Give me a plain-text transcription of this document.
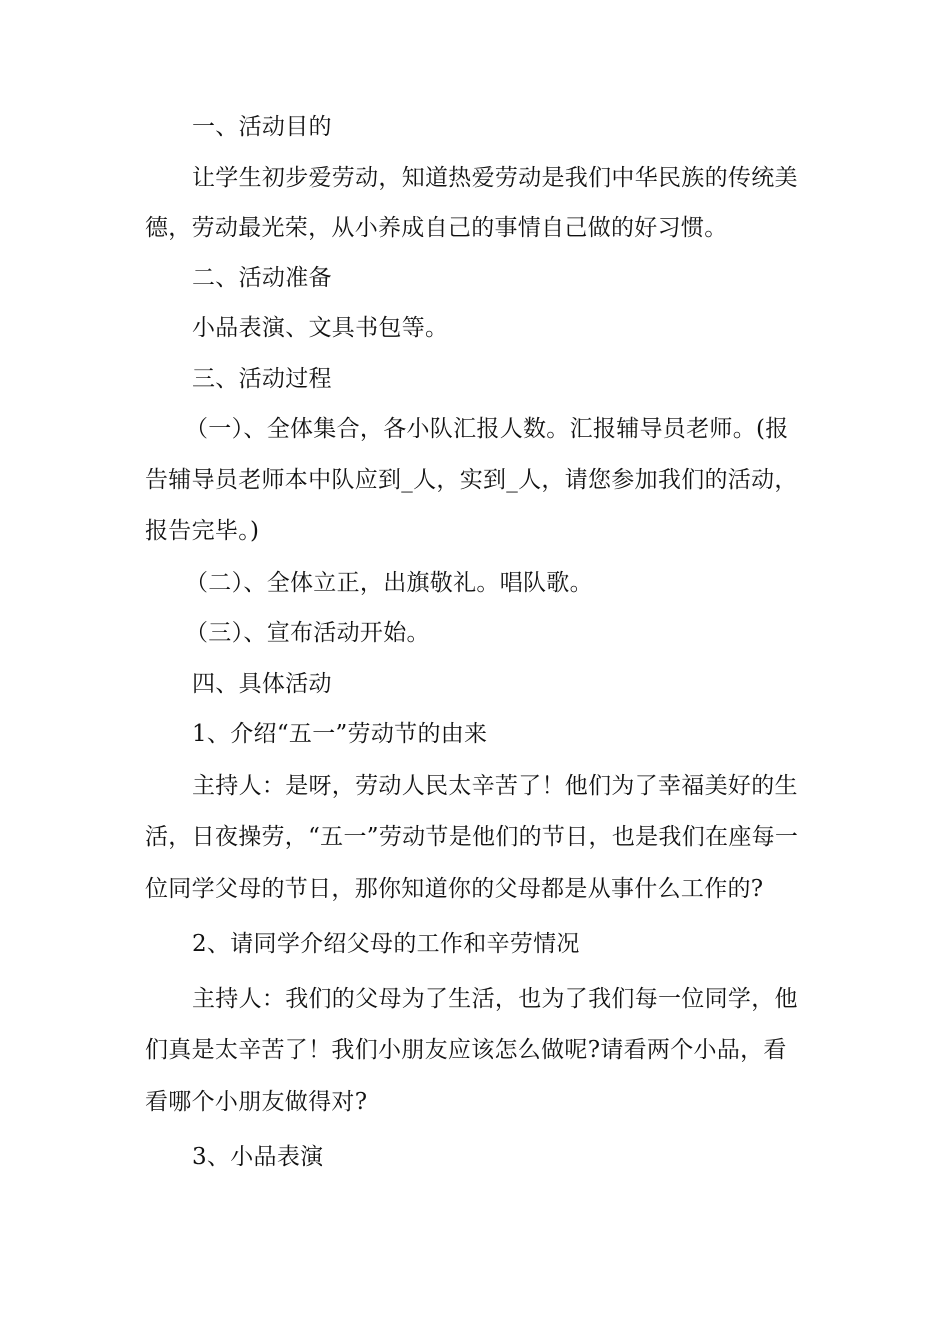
一、活动目的
让学生初步爱劳动，知道热爱劳动是我们中华民族的传统美
德，劳动最光荣，从小养成自己的事情自己做的好习惯。
二、活动准备
小品表演、文具书包等。
三、活动过程
（一）、全体集合，各小队汇报人数。汇报辅导员老师。(报
告辅导员老师本中队应到_人，实到_人，请您参加我们的活动，
报告完毕。)
（二）、全体立正，出旗敬礼。唱队歌。
（三）、宣布活动开始。
四、具体活动
1、介绍“五一”劳动节的由来
主持人：是呀，劳动人民太辛苦了！他们为了幸福美好的生
活，日夜操劳，“五一”劳动节是他们的节日，也是我们在座每一
位同学父母的节日，那你知道你的父母都是从事什么工作的?
2、请同学介绍父母的工作和辛劳情况
主持人：我们的父母为了生活，也为了我们每一位同学，他
们真是太辛苦了！我们小朋友应该怎么做呢?请看两个小品，看
看哪个小朋友做得对?
3、小品表演
